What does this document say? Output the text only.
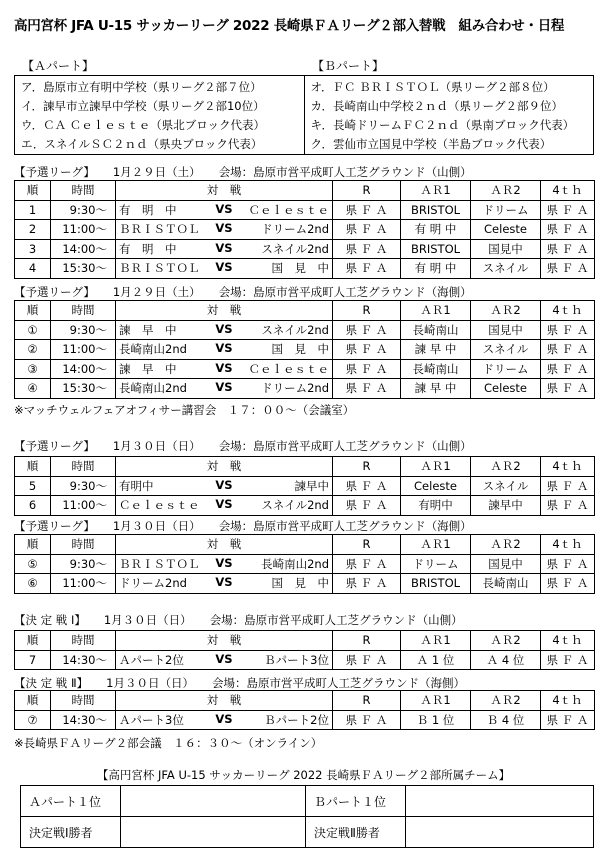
高円宮杯 JFA U-15 サッカーリーグ 2022 長崎県ＦＡリーグ２部入替戦　組み合わせ・日程
【Ａパート】	【Ｂパート】
ア．島原市立有明中学校（県リーグ２部７位）
イ．諫早市立諫早中学校（県リーグ２部10位）
ウ．ＣＡ Ｃｅｌｅｓｔｅ（県北ブロック代表）
エ．スネイルＳＣ２ｎｄ（県央ブロック代表）
オ．ＦＣ ＢＲＩＳＴＯＬ（県リーグ２部８位）
カ．長崎南山中学校２ｎｄ（県リーグ２部９位）
キ．長崎ドリームＦＣ２ｎｄ（県南ブロック代表）
ク．雲仙市立国見中学校（半島ブロック代表）
【予選リーグ】 1月２９日（土） 会場：島原市営平成町人工芝グラウンド（山側）
順	時間	対　戦	R	ＡＲ1	ＡＲ2	4ｔｈ
1	9:30〜	有　明　中 VS Ｃｅｌｅｓｔｅ	県 Ｆ Ａ	BRISTOL	ドリーム	県 Ｆ Ａ
2	11:00〜	ＢＲＩＳＴＯＬ VS ドリーム2nd	県 Ｆ Ａ	有 明 中	Celeste	県 Ｆ Ａ
3	14:00〜	有　明　中 VS スネイル2nd	県 Ｆ Ａ	BRISTOL	国見中	県 Ｆ Ａ
4	15:30〜	ＢＲＩＳＴＯＬ VS 国　見　中	県 Ｆ Ａ	有 明 中	スネイル	県 Ｆ Ａ
【予選リーグ】 1月２９日（土） 会場：島原市営平成町人工芝グラウンド（海側）
順	時間	対　戦	R	ＡＲ1	ＡＲ2	4ｔｈ
①	9:30〜	諫　早　中 VS スネイル2nd	県 Ｆ Ａ	長崎南山	国見中	県 Ｆ Ａ
②	11:00〜	長崎南山2nd VS 国　見　中	県 Ｆ Ａ	諫 早 中	スネイル	県 Ｆ Ａ
③	14:00〜	諫　早　中 VS Ｃｅｌｅｓｔｅ	県 Ｆ Ａ	長崎南山	ドリーム	県 Ｆ Ａ
④	15:30〜	長崎南山2nd VS ドリーム2nd	県 Ｆ Ａ	諫 早 中	Celeste	県 Ｆ Ａ
【予選リーグ】 1月３０日（日） 会場：島原市営平成町人工芝グラウンド（山側）
順	時間	対　戦	R	ＡＲ1	ＡＲ2	4ｔｈ
5	9:30〜	有明中 VS 諫早中	県 Ｆ Ａ	Celeste	スネイル	県 Ｆ Ａ
6	11:00〜	Ｃｅｌｅｓｔｅ VS スネイル2nd	県 Ｆ Ａ	有明中	諫早中	県 Ｆ Ａ
【予選リーグ】 1月３０日（日） 会場：島原市営平成町人工芝グラウンド（海側）
順	時間	対　戦	R	ＡＲ1	ＡＲ2	4ｔｈ
⑤	9:30〜	ＢＲＩＳＴＯＬ VS 長崎南山2nd	県 Ｆ Ａ	ドリーム	国見中	県 Ｆ Ａ
⑥	11:00〜	ドリーム2nd VS 国　見　中	県 Ｆ Ａ	BRISTOL	長崎南山	県 Ｆ Ａ
【決 定 戦 Ⅰ】 1月３０日（日） 会場：島原市営平成町人工芝グラウンド（山側）
順	時間	対　戦	R	ＡＲ1	ＡＲ2	4ｔｈ
7	14:30〜	Ａパート2位 VS Ｂパート3位	県 Ｆ Ａ	Ａ 1 位	Ａ 4 位	県 Ｆ Ａ
【決 定 戦 Ⅱ】 1月３０日（日） 会場：島原市営平成町人工芝グラウンド（海側）
順	時間	対　戦	R	ＡＲ1	ＡＲ2	4ｔｈ
⑦	14:30〜	Ａパート3位 VS Ｂパート2位	県 Ｆ Ａ	Ｂ 1 位	Ｂ 4 位	県 Ｆ Ａ
※マッチウェルフェアオフィサー講習会　１７：００〜（会議室）
※長崎県ＦＡリーグ２部会議　１６：３０〜（オンライン）
【高円宮杯 JFA U-15 サッカーリーグ 2022 長崎県ＦＡリーグ２部所属チーム】
Ａパート１位		Ｂパート１位	
決定戦Ⅰ勝者		決定戦Ⅱ勝者	
